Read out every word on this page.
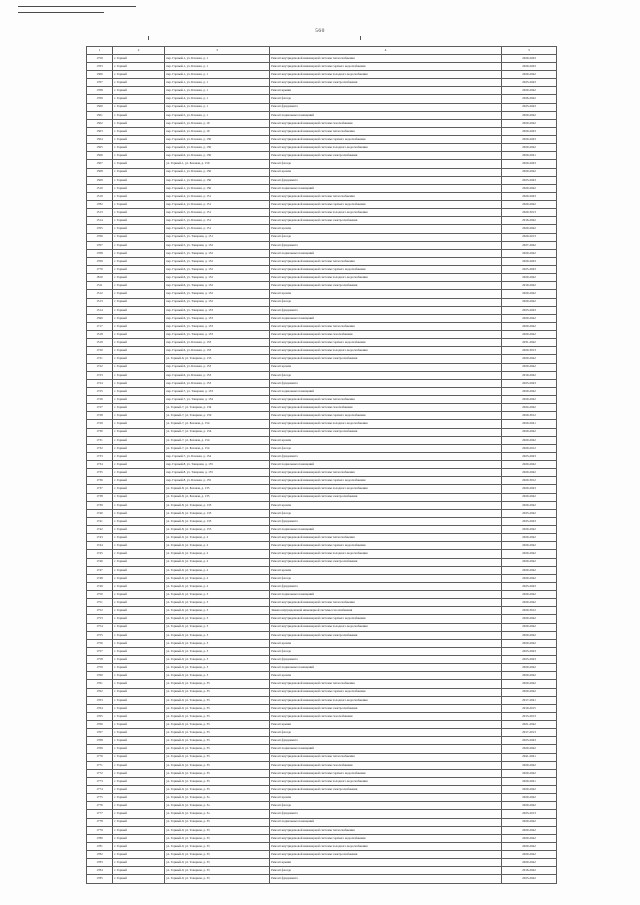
560
1	2	3	4	5
1759	г. Горный	пер. Горный-1, ул. Базовая, д. 1	Ремонт внутридомовой инженерной системы теплоснабжения	2020-2043
1763	г. Горный	пер. Горный-1, ул. Базовая, д. 1	Ремонт внутридомовой инженерной системы горячего водоснабжения	2020-2043
1306	г. Горный	пер. Горный-1, ул. Базовая, д. 1	Ремонт внутридомовой инженерной системы холодного водоснабжения	2020-2042
1767	г. Горный	пер. Горный-1, ул. Базовая, д. 1	Ремонт внутридомовой инженерной системы электроснабжения	2023-2043
1768	г. Горный	пер. Горный-1, ул. Базовая, д. 1	Ремонт крыши	2020-2042
1769	г. Горный	пер. Горный-4, ул. Базовая, д. 1	Ремонт фасада	2026-2042
1500	г. Горный	пер. Горный-4, ул. Базовая, д. 1	Ремонт фундамента	2023-2043
1501	г. Горный	пер. Горный-5, ул. Базовая, д. 1	Ремонт подвальных помещений	2020-2042
1502	г. Горный	пер. Горный-5, ул. Базовая, д. 10	Ремонт внутридомовой инженерной системы газоснабжения	2020-2042
1503	г. Горный	пер. Горный-6, ул. Базовая, д. 10	Ремонт внутридомовой инженерной системы теплоснабжения	2020-2043
1504	г. Горный	пер. Горный-6, ул. Базовая, д. 130	Ремонт внутридомовой инженерной системы горячего водоснабжения	2020-2043
1505	г. Горный	пер. Горный-6, ул. Базовая, д. 130	Ремонт внутридомовой инженерной системы холодного водоснабжения	2020-2042
1506	г. Горный	пер. Горный-6, ул. Базовая, д. 130	Ремонт внутридомовой инженерной системы электроснабжения	2020-2041
1507	г. Горный	ул. Горный-1, ул. Базовая, д. 150	Ремонт фасада	2020-2043
1508	г. Горный	пер. Горный-1, ул. Базовая, д. 150	Ремонт кровли	2020-2042
1509	г. Горный	пер. Горный-1, ул. Базовая, д. 150	Ремонт фундамента	2023-2043
1510	г. Горный	пер. Горный-1, ул. Базовая, д. 150	Ремонт подвальных помещений	2020-2042
1519	г. Горный	пер. Горный-4, ул. Базовая, д. 151	Ремонт внутридомовой инженерной системы теплоснабжения	2020-2043
1782	г. Горный	пер. Горный-4, ул. Базовая, д. 151	Ремонт внутридомовой инженерной системы горячего водоснабжения	2020-2042
1513	г. Горный	пер. Горный-5, ул. Базовая, д. 151	Ремонт внутридомовой инженерной системы холодного водоснабжения	2020-3013
1514	г. Горный	пер. Горный-5, ул. Базовая, д. 151	Ремонт внутридомовой инженерной системы электроснабжения	2016-2042
1765	г. Горный	пер. Горный-5, ул. Базовая, д. 151	Ремонт кровли	2020-2042
1766	г. Горный	пер. Горный-5, ул. Товарная, д. 151	Ремонт фасада	2020-2013
1767	г. Горный	пер. Горный-5, ул. Товарная, д. 152	Ремонт фундамента	2027-2042
1768	г. Горный	пер. Горный-5, ул. Товарная, д. 152	Ремонт подвальных помещений	2020-2042
1769	г. Горный	пер. Горный-6, ул. Товарная, д. 152	Ремонт внутридомовой инженерной системы теплоснабжения	2020-2043
1770	г. Горный	пер. Горный-6, ул. Товарная, д. 152	Ремонт внутридомовой инженерной системы горячего водоснабжения	2025-2043
1810	г. Горный	пер. Горный-6, ул. Товарная, д. 152	Ремонт внутридомовой инженерной системы холодного водоснабжения	2020-2042
1511	г. Горный	пер. Горный-6, ул. Товарная, д. 152	Ремонт внутридомовой инженерной системы электроснабжения	2019-2042
1512	г. Горный	пер. Горный-6, ул. Товарная, д. 152	Ремонт кровли	2020-2042
1513	г. Горный	пер. Горный-6, ул. Товарная, д. 152	Ремонт фасада	2020-2042
1514	г. Горный	пер. Горный-6, ул. Товарная, д. 153	Ремонт фундамента	2023-2043
1590	г. Горный	пер. Горный-6, ул. Товарная, д. 153	Ремонт подвальных помещений	2020-2042
1717	г. Горный	пер. Горный-6, ул. Товарная, д. 133	Ремонт внутридомовой инженерной системы теплоснабжения	2020-2042
1518	г. Горный	пер. Горный-6, ул. Товарная, д. 133	Ремонт внутридомовой инженерной системы газоснабжения	2020-2042
1519	г. Горный	пер. Горный-6, ул. Базовая, д. 133	Ремонт внутридомовой инженерной системы горячего водоснабжения	2031-2042
1720	г. Горный	пер. Горный-6, ул. Базовая, д. 133	Ремонт внутридомовой инженерной системы холодного водоснабжения	2020-3013
1721	г. Горный	ул. Горный-6, ул. Товарная, д. 133	Ремонт внутридомовой инженерной системы электроснабжения	2020-2042
1722	г. Горный	пер. Горный-6, ул. Базовая, д. 153	Ремонт кровли	2020-2042
1723	г. Горный	пер. Горный-6, ул. Базовая, д. 153	Ремонт фасада	2019-2042
1724	г. Горный	пер. Горный-6, ул. Базовая, д. 153	Ремонт фундамента	2023-2043
1725	г. Горный	пер. Горный-7, ул. Товарная, д. 133	Ремонт подвальных помещений	2020-2042
1726	г. Горный	пер. Горный-7, ул. Товарная, д. 134	Ремонт внутридомовой инженерной системы теплоснабжения	2020-2042
1727	г. Горный	ул. Горный-7, ул. Товарная, д. 134	Ремонт внутридомовой инженерной системы газоснабжения	2024-2042
1728	г. Горный	ул. Горный-7, ул. Товарная, д. 150	Ремонт внутридомовой инженерной системы горячего водоснабжения	2020-3012
1729	г. Горный	ул. Горный-7, ул. Базовая, д. 154	Ремонт внутридомовой инженерной системы холодного водоснабжения	2020-2041
1730	г. Горный	ул. Горный-7, ул. Товарная, д. 154	Ремонт внутридомовой инженерной системы электроснабжения	2020-2042
1731	г. Горный	ул. Горный-7, ул. Базовая, д. 154	Ремонт кровли	2020-2042
1732	г. Горный	ул. Горный-7, ул. Базовая, д. 154	Ремонт фасада	2020-2012
1733	г. Горный	пер. Горный-7, ул. Базовая, д. 154	Ремонт фундамента	2023-2043
1734	г. Горный	пер. Горный-8, ул. Товарная, д. 155	Ремонт подвальных помещений	2020-2042
1735	г. Горный	пер. Горный-8, ул. Товарная, д. 155	Ремонт внутридомовой инженерной системы теплоснабжения	2020-2042
1736	г. Горный	пер. Горный-8, ул. Базовая, д. 155	Ремонт внутридомовой инженерной системы горячего водоснабжения	2020-3012
1737	г. Горный	ул. Горный-8, ул. Базовая, д. 135	Ремонт внутридомовой инженерной системы холодного водоснабжения	2020-2043
1738	г. Горный	ул. Горный-8, ул. Базовая, д. 135	Ремонт внутридомовой инженерной системы электроснабжения	2020-2042
1739	г. Горный	ул. Горный-8, ул. Товарная, д. 135	Ремонт кровли	2020-2042
1740	г. Горный	ул. Горный-8, ул. Товарная, д. 135	Ремонт фасада	2023-2042
1741	г. Горный	ул. Горный-8, ул. Товарная, д. 135	Ремонт фундамента	2023-2043
1742	г. Горный	ул. Горный-8, ул. Товарная, д. 155	Ремонт подвальных помещений	2020-2042
1743	г. Горный	ул. Горный-9, ул. Товарная, д. 2	Ремонт внутридомовой инженерной системы теплоснабжения	2020-2042
1744	г. Горный	ул. Горный-9, ул. Товарная, д. 2	Ремонт внутридомовой инженерной системы горячего водоснабжения	2020-2042
1745	г. Горный	ул. Горный-9, ул. Товарная, д. 2	Ремонт внутридомовой инженерной системы холодного водоснабжения	2020-2042
1746	г. Горный	ул. Горный-9, ул. Товарная, д. 2	Ремонт внутридомовой инженерной системы электроснабжения	2020-2042
1747	г. Горный	ул. Горный-9, ул. Товарная, д. 2	Ремонт кровли	2020-2042
1748	г. Горный	ул. Горный-9, ул. Товарная, д. 2	Ремонт фасада	2020-2042
1749	г. Горный	ул. Горный-9, ул. Товарная, д. 2	Ремонт фундамента	2023-2043
1750	г. Горный	ул. Горный-9, ул. Товарная, д. 3	Ремонт подвальных помещений	2020-2042
1751	г. Горный	ул. Горный-9, ул. Товарная, д. 3	Ремонт внутридомовой инженерной системы теплоснабжения	2020-2042
1752	г. Горный	ул. Горный-9, ул. Товарная, д. 3	Замена внутридомовой инженерной системы газоснабжения	2020-3012
1753	г. Горный	ул. Горный-9, ул. Товарная, д. 3	Ремонт внутридомовой инженерной системы горячего водоснабжения	2020-2042
1754	г. Горный	ул. Горный-9, ул. Товарная, д. 3	Ремонт внутридомовой инженерной системы холодного водоснабжения	2020-2042
1755	г. Горный	ул. Горный-9, ул. Товарная, д. 3	Ремонт внутридомовой инженерной системы электроснабжения	2020-2042
1756	г. Горный	ул. Горный-9, ул. Товарная, д. 3	Ремонт кровли	2020-2042
1757	г. Горный	ул. Горный-9, ул. Товарная, д. 3	Ремонт фасада	2023-2043
1758	г. Горный	ул. Горный-9, ул. Товарная, д. 3	Ремонт фундамента	2023-2043
1759	г. Горный	ул. Горный-9, ул. Товарная, д. 3	Ремонт подвальных помещений	2020-2042
1760	г. Горный	ул. Горный-9, ул. Товарная, д. 3	Ремонт кровли	2020-2042
1761	г. Горный	ул. Горный-9, ул. Товарная, д. 35	Ремонт внутридомовой инженерной системы теплоснабжения	2020-2042
1762	г. Горный	ул. Горный-9, ул. Товарная, д. 35	Ремонт внутридомовой инженерной системы горячего водоснабжения	2020-2042
1763	г. Горный	ул. Горный-9, ул. Товарная, д. 35	Ремонт внутридомовой инженерной системы холодного водоснабжения	2017-2041
1764	г. Горный	ул. Горный-9, ул. Товарная, д. 35	Ремонт внутридомовой инженерной системы электроснабжения	2019-2015
1765	г. Горный	ул. Горный-9, ул. Товарная, д. 35	Ремонт внутридомовой инженерной системы газоснабжения	2013-2013
1766	г. Горный	ул. Горный-9, ул. Товарная, д. 35	Ремонт крыши	2021-2042
1767	г. Горный	ул. Горный-9, ул. Товарная, д. 35	Ремонт фасада	2017-2013
1768	г. Горный	ул. Горный-9, ул. Товарная, д. 35	Ремонт фундамента	2023-2043
1769	г. Горный	ул. Горный-9, ул. Товарная, д. 35	Ремонт подвальных помещений	2020-2042
1770	г. Горный	ул. Горный-9, ул. Товарная, д. 35	Ремонт внутридомовой инженерной системы теплоснабжения	2041-2041
1771	г. Горный	ул. Горный-9, ул. Товарная, д. 35	Ремонт внутридомовой инженерной системы газоснабжения	2020-2042
1772	г. Горный	ул. Горный-9, ул. Товарная, д. 35	Ремонт внутридомовой инженерной системы горячего водоснабжения	2020-2042
1773	г. Горный	ул. Горный-9, ул. Товарная, д. 35	Ремонт внутридомовой инженерной системы холодного водоснабжения	2020-2041
1774	г. Горный	ул. Горный-9, ул. Товарная, д. 35	Ремонт внутридомовой инженерной системы электроснабжения	2020-2042
1775	г. Горный	ул. Горный-9, ул. Товарная, д. 3a	Ремонт кровли	2020-2042
1776	г. Горный	ул. Горный-9, ул. Товарная, д. 3a	Ремонт фасада	2020-2042
1777	г. Горный	ул. Горный-9, ул. Товарная, д. 3a	Ремонт фундамента	2023-2013
1778	г. Горный	ул. Горный-9, ул. Товарная, д. 35	Ремонт подвальных помещений	2020-2042
1779	г. Горный	ул. Горный-9, ул. Товарная, д. 35	Ремонт внутридомовой инженерной системы теплоснабжения	2020-2042
1780	г. Горный	ул. Горный-9, ул. Товарная, д. 35	Ремонт внутридомовой инженерной системы горячего водоснабжения	2020-2042
1781	г. Горный	ул. Горный-9, ул. Товарная, д. 35	Ремонт внутридомовой инженерной системы холодного водоснабжения	2020-2042
1782	г. Горный	ул. Горный-9, ул. Товарная, д. 35	Ремонт внутридомовой инженерной системы электроснабжения	2020-2042
1783	г. Горный	ул. Горный-9, ул. Товарная, д. 35	Ремонт крыши	2020-2042
1784	г. Горный	ул. Горный-9, ул. Товарная, д. 35	Ремонт фасада	2016-2042
1785	г. Горный	ул. Горный-9, ул. Товарная, д. 35	Ремонт фундамента	2023-2042
